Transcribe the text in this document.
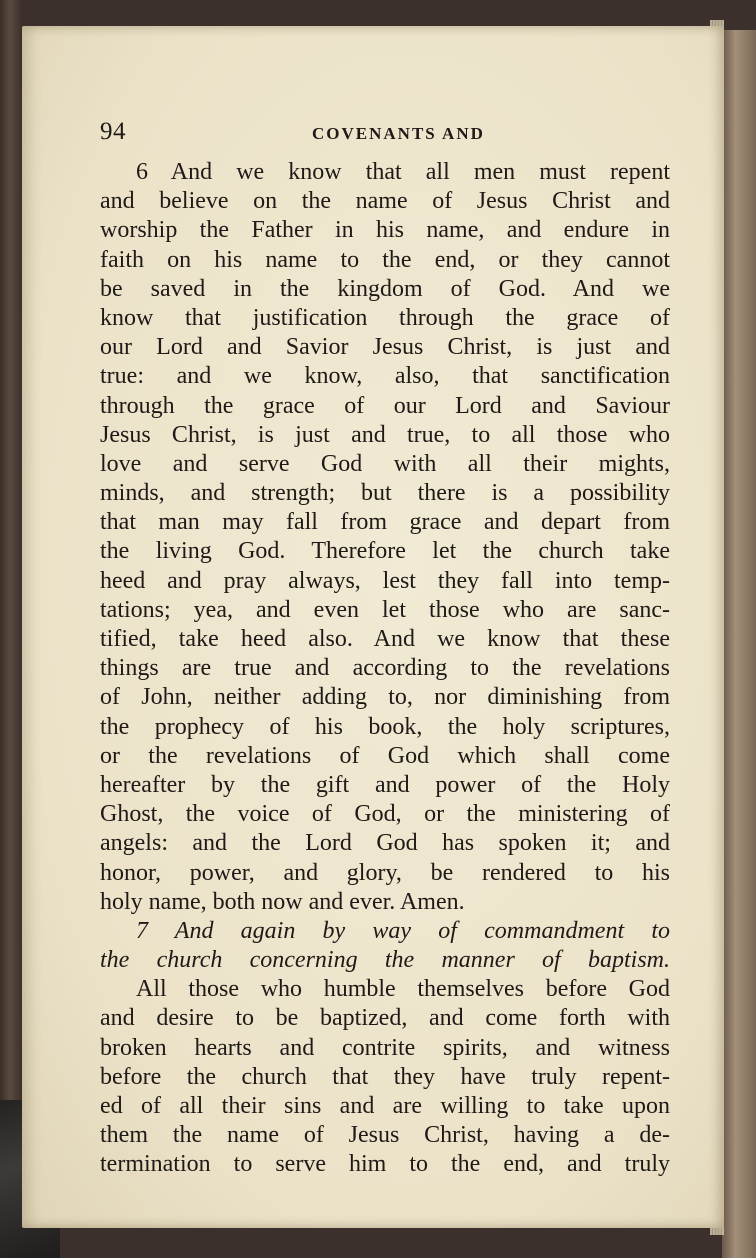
94	COVENANTS AND
6 And we know that all men must repent
and believe on the name of Jesus Christ and
worship the Father in his name, and endure in
faith on his name to the end, or they cannot
be saved in the kingdom of God. And we
know that justification through the grace of
our Lord and Savior Jesus Christ, is just and
true: and we know, also, that sanctification
through the grace of our Lord and Saviour
Jesus Christ, is just and true, to all those who
love and serve God with all their mights,
minds, and strength; but there is a possibility
that man may fall from grace and depart from
the living God. Therefore let the church take
heed and pray always, lest they fall into temp-
tations; yea, and even let those who are sanc-
tified, take heed also. And we know that these
things are true and according to the revelations
of John, neither adding to, nor diminishing from
the prophecy of his book, the holy scriptures,
or the revelations of God which shall come
hereafter by the gift and power of the Holy
Ghost, the voice of God, or the ministering of
angels: and the Lord God has spoken it; and
honor, power, and glory, be rendered to his
holy name, both now and ever. Amen.
7 And again by way of commandment to
the church concerning the manner of baptism.
All those who humble themselves before God
and desire to be baptized, and come forth with
broken hearts and contrite spirits, and witness
before the church that they have truly repent-
ed of all their sins and are willing to take upon
them the name of Jesus Christ, having a de-
termination to serve him to the end, and truly
